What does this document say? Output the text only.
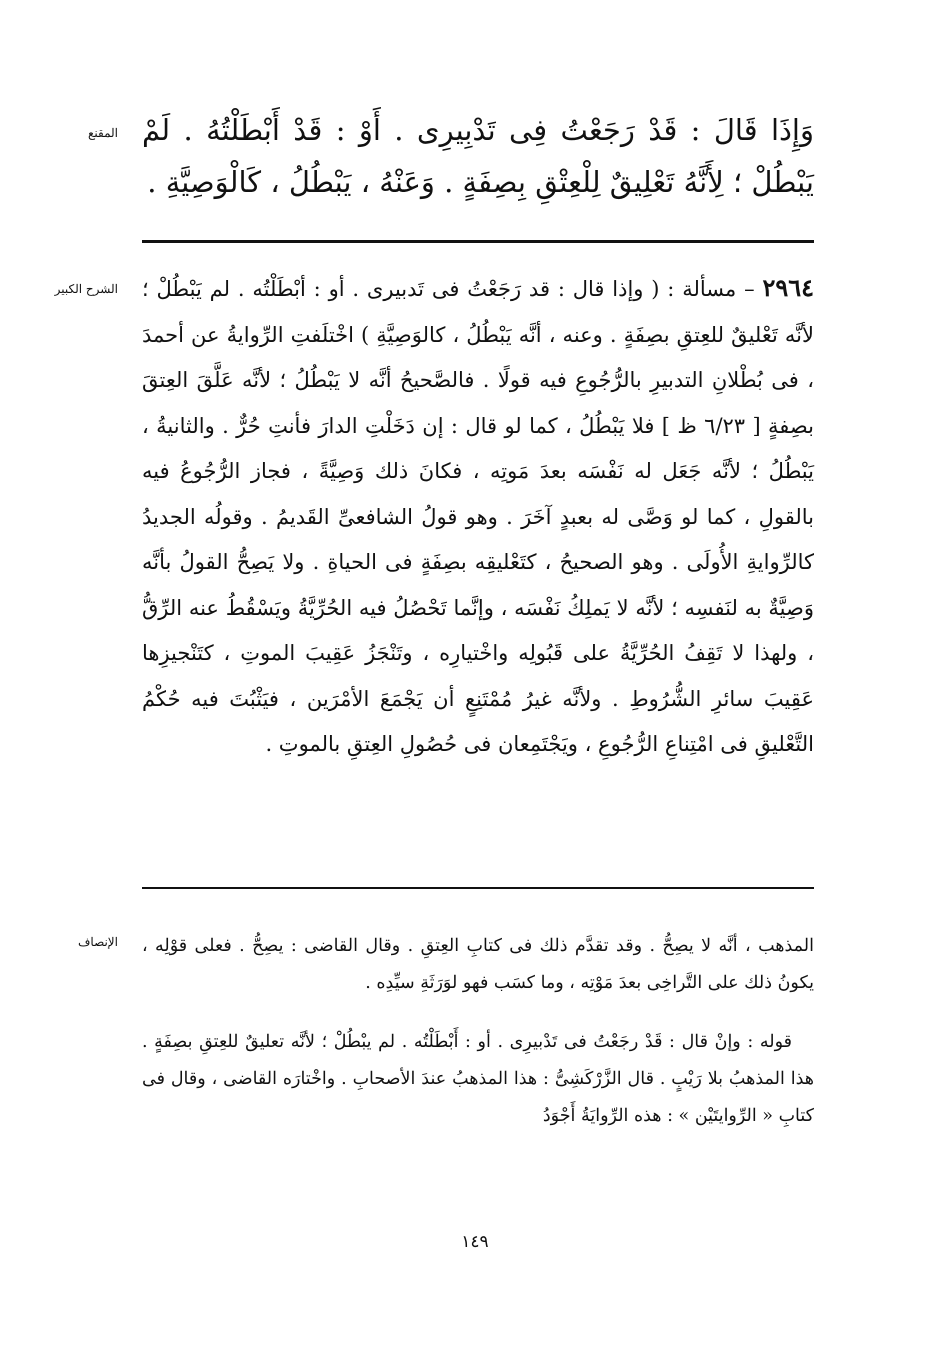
المقنع وَإِذَا قَالَ : قَدْ رَجَعْتُ فِى تَدْبِيرِى . أَوْ : قَدْ أَبْطَلْتُهُ . لَمْ يَبْطُلْ ؛ لِأَنَّهُ تَعْلِيقٌ لِلْعِتْقِ بِصِفَةٍ . وَعَنْهُ ، يَبْطُلُ ، كَالْوَصِيَّةِ .

الشرح الكبير	٢٩٦٤ – مسألة : ( وإذا قال : قد رَجَعْتُ فى تَدبيرى . أو : أبْطَلْتُه . لم يَبْطُلْ ؛ لأنَّه تَعْليقٌ للعِتقِ بصِفَةٍ . وعنه ، أنَّه يَبْطُلُ ، كالوَصِيَّةِ ) اخْتلَفتِ الرِّوايةُ عن أحمدَ ، فى بُطْلانِ التدبيرِ بالرُّجُوعِ فيه قولًا . فالصَّحيحُ أنَّه لا يَبْطُلُ ؛ لأنَّه عَلَّقَ العِتقَ بصِفةٍ [ ٦/٢٣ ظ ] فلا يَبْطُلُ ، كما لو قال : إن دَخَلْتِ الدارَ فأنتِ حُرٌّ . والثانيةُ ، يَبْطُلُ ؛ لأنَّه جَعَل له نَفْسَه بعدَ مَوتِه ، فكانَ ذلك وَصِيَّةً ، فجاز الرُّجُوعُ فيه بالقولِ ، كما لو وَصَّى له بعبدٍ آخَرَ . وهو قولُ الشافعىِّ القَديمُ . وقولُه الجديدُ كالرِّوايةِ الأُولَى . وهو الصحيحُ ، كتَعْليقِه بصِفَةٍ فى الحياةِ . ولا يَصِحُّ القولُ بأنَّه وَصِيَّةٌ به لنَفسِه ؛ لأنَّه لا يَملِكُ نَفْسَه ، وإنَّما تَحْصُلُ فيه الحُرِّيَّةُ ويَسْقُطُ عنه الرِّقُّ ، ولهذا لا تَقِفُ الحُرِّيَّةُ على قَبُولِه واخْتيارِه ، وتَنْجَزُ عَقِيبَ الموتِ ، كتَنْجيزِها عَقِيبَ سائرِ الشُّرُوطِ . ولأنَّه غيرُ مُمْتَنِعٍ أن يَجْمَعَ الأمْرَين ، فيَثْبُتَ فيه حُكْمُ التَّعْليقِ فى امْتِناعِ الرُّجُوعِ ، ويَجْتَمِعان فى حُصُولِ العِتقِ بالموتِ .

الإنصاف المذهب ، أنَّه لا يصِحُّ . وقد تقدَّم ذلك فى كتابِ العِتقِ . وقال القاضى : يصِحُّ . فعلى قوْلِه ، يكونُ ذلك على التَّراخِى بعدَ مَوْتِه ، وما كسَب فهو لوَرَثَةِ سيِّدِه .

قوله : وإنْ قال : قَدْ رجَعْتُ فى تَدْبيرِى . أو : أَبْطَلْتُه . لم يبْطُلْ ؛ لأنَّه تعليقٌ للعِتقِ بصِفَةٍ . هذا المذهبُ بلا رَيْبٍ . قال الزَّرْكَشِىُّ : هذا المذهبُ عندَ الأصحابِ . واخْتارَه القاضى ، وقال فى كتابِ « الرِّوايتَيْن » : هذه الرِّوايَةُ أَجْوَدُ

١٤٩
